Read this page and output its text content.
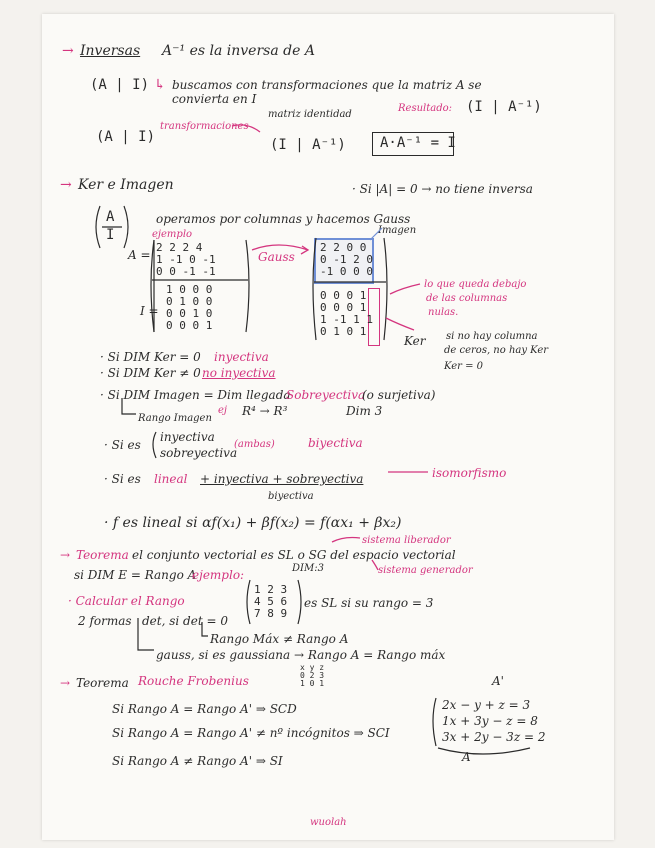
→ Inversas A⁻¹ es la inversa de A
(A | I) ↳ buscamos con transformaciones que la matriz A se
convierta en I
matriz identidad
Resultado: (I | A⁻¹)
transformaciones
(A | I)	(I | A⁻¹) A·A⁻¹ = I
→ Ker e Imagen	· Si |A| = 0 → no tiene inversa
A
I
operamos por columnas y hacemos Gauss
ejemplo	Imagen
A =
2 2 2 4
1 -1 0 -1
0 0 -1 -1
I =
1 0 0 0
0 1 0 0
0 0 1 0
0 0 0 1
Gauss
2 2 0 0
0 -1 2 0
-1 0 0 0
0 0 0 1
0 0 0 1
1 -1 1 1
0 1 0 1
lo que queda debajo
de las columnas
nulas.
Ker si no hay columna
de ceros, no hay Ker
Ker = 0
· Si DIM Ker = 0 inyectiva
· Si DIM Ker ≠ 0 no inyectiva
· Si DIM Imagen = Dim llegada
Sobreyectiva
(o surjetiva)
Rango Imagen
ej R⁴ → R³	Dim 3
· Si es
inyectiva
sobreyectiva
(ambas)	biyectiva
· Si es lineal + inyectiva + sobreyectiva	isomorfismo
biyectiva
· f es lineal si αf(x₁) + βf(x₂) = f(αx₁ + βx₂)
→ Teorema el conjunto vectorial es SL o SG del espacio vectorial
sistema liberador
sistema generador
si DIM E = Rango A
ejemplo:	DIM:3
1 2 3
4 5 6
7 8 9
es SL si su rango = 3
· Calcular el Rango
2 formas det, si det = 0
Rango Máx ≠ Rango A
gauss, si es gaussiana → Rango A = Rango máx
→ Teorema Rouche Frobenius
x y z
0 2 3
1 0 1
Si Rango A = Rango A' ⇒ SCD
Si Rango A = Rango A' ≠ nº incógnitos ⇒ SCI
Si Rango A ≠ Rango A' ⇒ SI
A'
2x − y + z = 3
1x + 3y − z = 8
3x + 2y − 3z = 2
A
wuolah
